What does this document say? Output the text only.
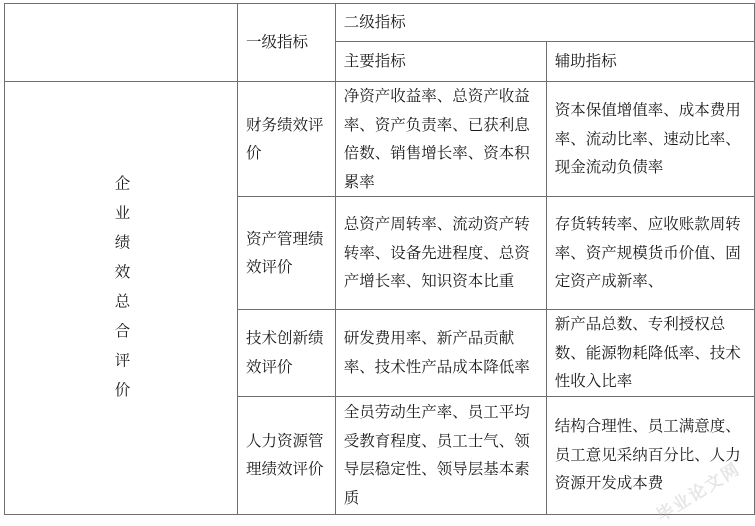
	一级指标	二级指标	
		主要指标	辅助指标
企业绩效总合评价	财务绩效评价	净资产收益率、总资产收益率、资产负责率、已获利息倍数、销售增长率、资本积累率	资本保值增值率、成本费用率、流动比率、速动比率、现金流动负债率
	资产管理绩效评价	总资产周转率、流动资产转转率、设备先进程度、总资产增长率、知识资本比重	存货转转率、应收账款周转率、资产规模货币价值、固定资产成新率、
	技术创新绩效评价	研发费用率、新产品贡献率、技术性产品成本降低率	新产品总数、专利授权总数、能源物耗降低率、技术性收入比率
	人力资源管理绩效评价	全员劳动生产率、员工平均受教育程度、员工士气、领导层稳定性、领导层基本素质	结构合理性、员工满意度、员工意见采纳百分比、人力资源开发成本费
毕业论文网
